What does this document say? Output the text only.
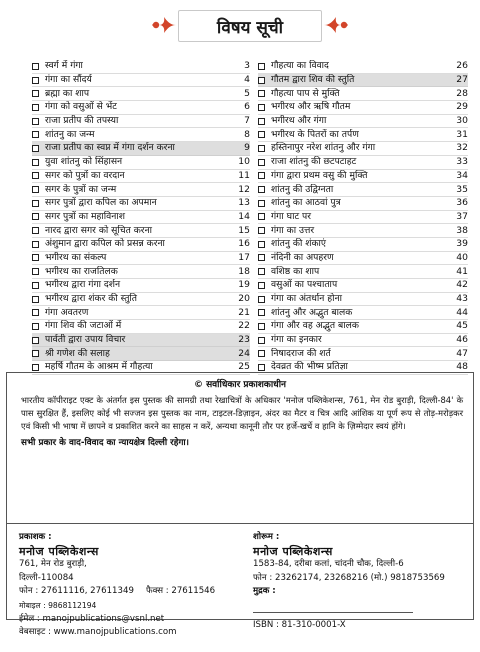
विषय सूची
स्वर्ग में गंगा	3
गंगा का सौंदर्य	4
ब्रह्मा का शाप	5
गंगा को वसुओं से भेंट	6
राजा प्रतीप की तपस्या	7
शांतनु का जन्म	8
राजा प्रतीप का स्वप्न में गंगा दर्शन करना	9
युवा शांतनु को सिंहासन	10
सगर को पुत्रों का वरदान	11
सगर के पुत्रों का जन्म	12
सगर पुत्रों द्वारा कपिल का अपमान	13
सगर पुत्रों का महाविनाश	14
नारद द्वारा सगर को सूचित करना	15
अंशुमान द्वारा कपिल को प्रसन्न करना	16
भगीरथ का संकल्प	17
भगीरथ का राजतिलक	18
भगीरथ द्वारा गंगा दर्शन	19
भगीरथ द्वारा शंकर की स्तुति	20
गंगा अवतरण	21
गंगा शिव की जटाओं में	22
पार्वती द्वारा उपाय विचार	23
श्री गणेश की सलाह	24
महर्षि गौतम के आश्रम में गौहत्या	25
गौहत्या का विवाद	26
गौतम द्वारा शिव की स्तुति	27
गौहत्या पाप से मुक्ति	28
भगीरथ और ऋषि गौतम	29
भगीरथ और गंगा	30
भगीरथ के पितरों का तर्पण	31
हस्तिनापुर नरेश शांतनु और गंगा	32
राजा शांतनु की छटपटाहट	33
गंगा द्वारा प्रथम वसु की मुक्ति	34
शांतनु की उद्विग्नता	35
शांतनु का आठवां पुत्र	36
गंगा घाट पर	37
गंगा का उत्तर	38
शांतनु की शंकाएं	39
नंदिनी का अपहरण	40
वशिष्ठ का शाप	41
वसुओं का पश्चाताप	42
गंगा का अंतर्धान होना	43
शांतनु और अद्भुत बालक	44
गंगा और वह अद्भुत बालक	45
गंगा का इनकार	46
निषादराज की शर्त	47
देवव्रत की भीष्म प्रतिज्ञा	48
© सर्वाधिकार प्रकाशकाधीन
भारतीय कॉपीराइट एक्ट के अंतर्गत इस पुस्तक की सामग्री तथा रेखाचित्रों के अधिकार 'मनोज पब्लिकेशन्स, 761, मेन रोड बुराड़ी, दिल्ली-84' के पास सुरक्षित हैं, इसलिए कोई भी सज्जन इस पुस्तक का नाम, टाइटल-डिज़ाइन, अंदर का मैटर व चित्र आदि आंशिक या पूर्ण रूप से तोड़-मरोड़कर एवं किसी भी भाषा में छापने व प्रकाशित करने का साहस न करें, अन्यथा कानूनी तौर पर हर्जे-खर्चे व हानि के ज़िम्मेदार स्वयं होंगे।
सभी प्रकार के वाद-विवाद का न्यायक्षेत्र दिल्ली रहेगा।
प्रकाशक :
मनोज पब्लिकेशन्स
761, मेन रोड बुराड़ी,
दिल्ली-110084
फोन : 27611116, 27611349 फैक्स : 27611546
मोबाइल : 9868112194
ईमेल : manojpublications@vsnl.net
वेबसाइट : www.manojpublications.com
शोरूम :
मनोज पब्लिकेशन्स
1583-84, दरीबा कलां, चांदनी चौक, दिल्ली-6
फोन : 23262174, 23268216 (मो.) 9818753569
मुद्रक :
ISBN : 81-310-0001-X
